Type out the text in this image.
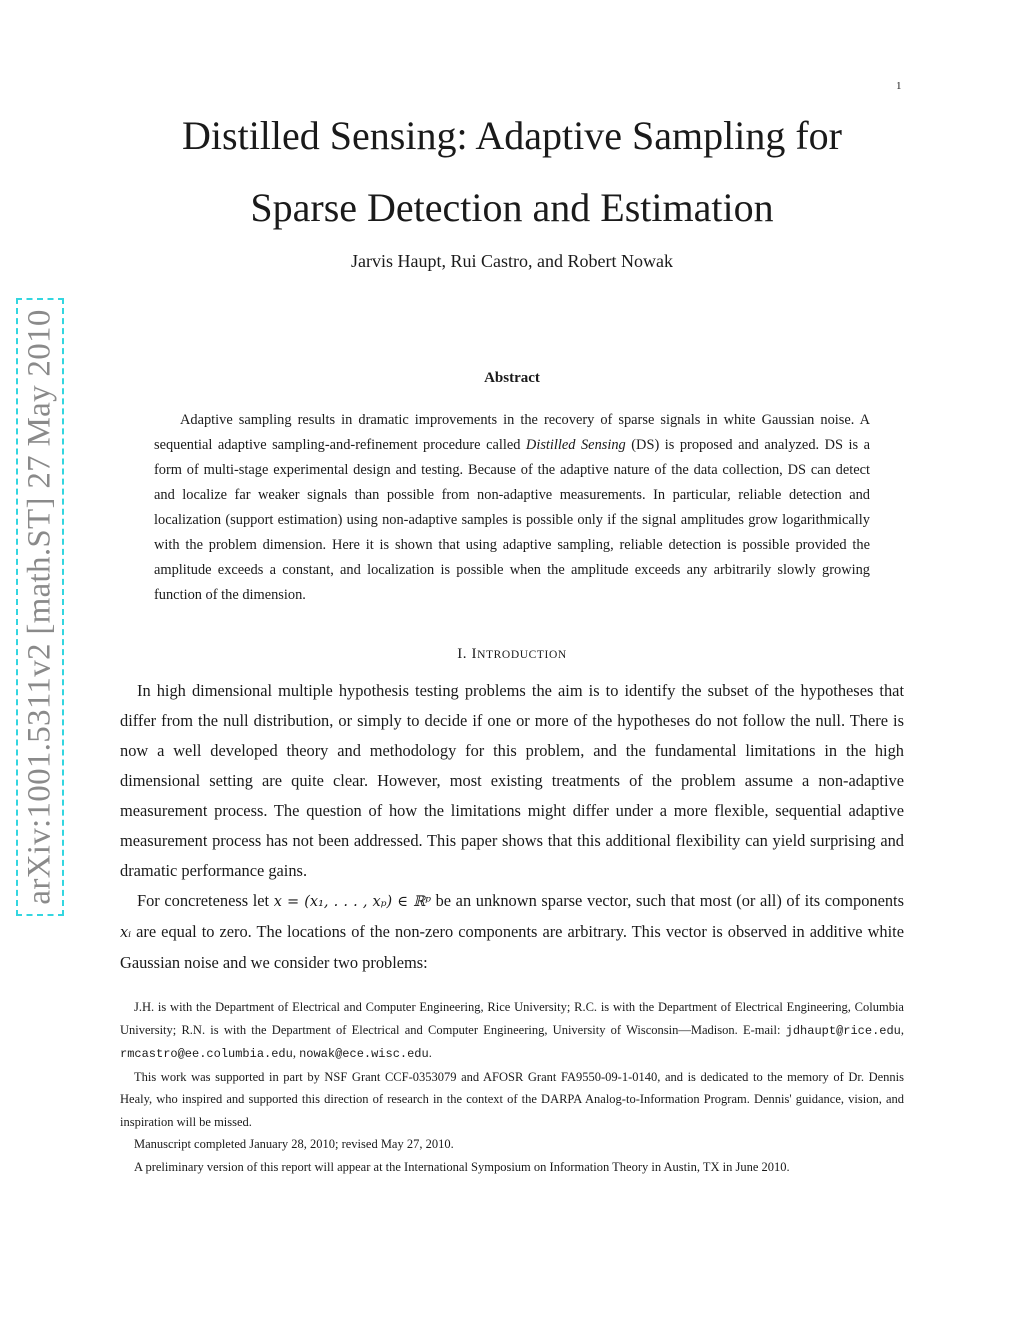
1
Distilled Sensing: Adaptive Sampling for
Sparse Detection and Estimation
Jarvis Haupt, Rui Castro, and Robert Nowak
arXiv:1001.5311v2 [math.ST] 27 May 2010	Abstract
Adaptive sampling results in dramatic improvements in the recovery of sparse signals in white Gaussian noise. A sequential adaptive sampling-and-refinement procedure called Distilled Sensing (DS) is proposed and analyzed. DS is a form of multi-stage experimental design and testing. Because of the adaptive nature of the data collection, DS can detect and localize far weaker signals than possible from non-adaptive measurements. In particular, reliable detection and localization (support estimation) using non-adaptive samples is possible only if the signal amplitudes grow logarithmically with the problem dimension. Here it is shown that using adaptive sampling, reliable detection is possible provided the amplitude exceeds a constant, and localization is possible when the amplitude exceeds any arbitrarily slowly growing function of the dimension.
I. INTRODUCTION

In high dimensional multiple hypothesis testing problems the aim is to identify the subset of the hypotheses that differ from the null distribution, or simply to decide if one or more of the hypotheses do not follow the null. There is now a well developed theory and methodology for this problem, and the fundamental limitations in the high dimensional setting are quite clear. However, most existing treatments of the problem assume a non-adaptive measurement process. The question of how the limitations might differ under a more flexible, sequential adaptive measurement process has not been addressed. This paper shows that this additional flexibility can yield surprising and dramatic performance gains.

For concreteness let x = (x₁, . . . , xₚ) ∈ ℝᵖ be an unknown sparse vector, such that most (or all) of its components xᵢ are equal to zero. The locations of the non-zero components are arbitrary. This vector is observed in additive white Gaussian noise and we consider two problems:

J.H. is with the Department of Electrical and Computer Engineering, Rice University; R.C. is with the Department of Electrical Engineering, Columbia University; R.N. is with the Department of Electrical and Computer Engineering, University of Wisconsin—Madison. E-mail: jdhaupt@rice.edu, rmcastro@ee.columbia.edu, nowak@ece.wisc.edu.

This work was supported in part by NSF Grant CCF-0353079 and AFOSR Grant FA9550-09-1-0140, and is dedicated to the memory of Dr. Dennis Healy, who inspired and supported this direction of research in the context of the DARPA Analog-to-Information Program. Dennis' guidance, vision, and inspiration will be missed.

Manuscript completed January 28, 2010; revised May 27, 2010.

A preliminary version of this report will appear at the International Symposium on Information Theory in Austin, TX in June 2010.
